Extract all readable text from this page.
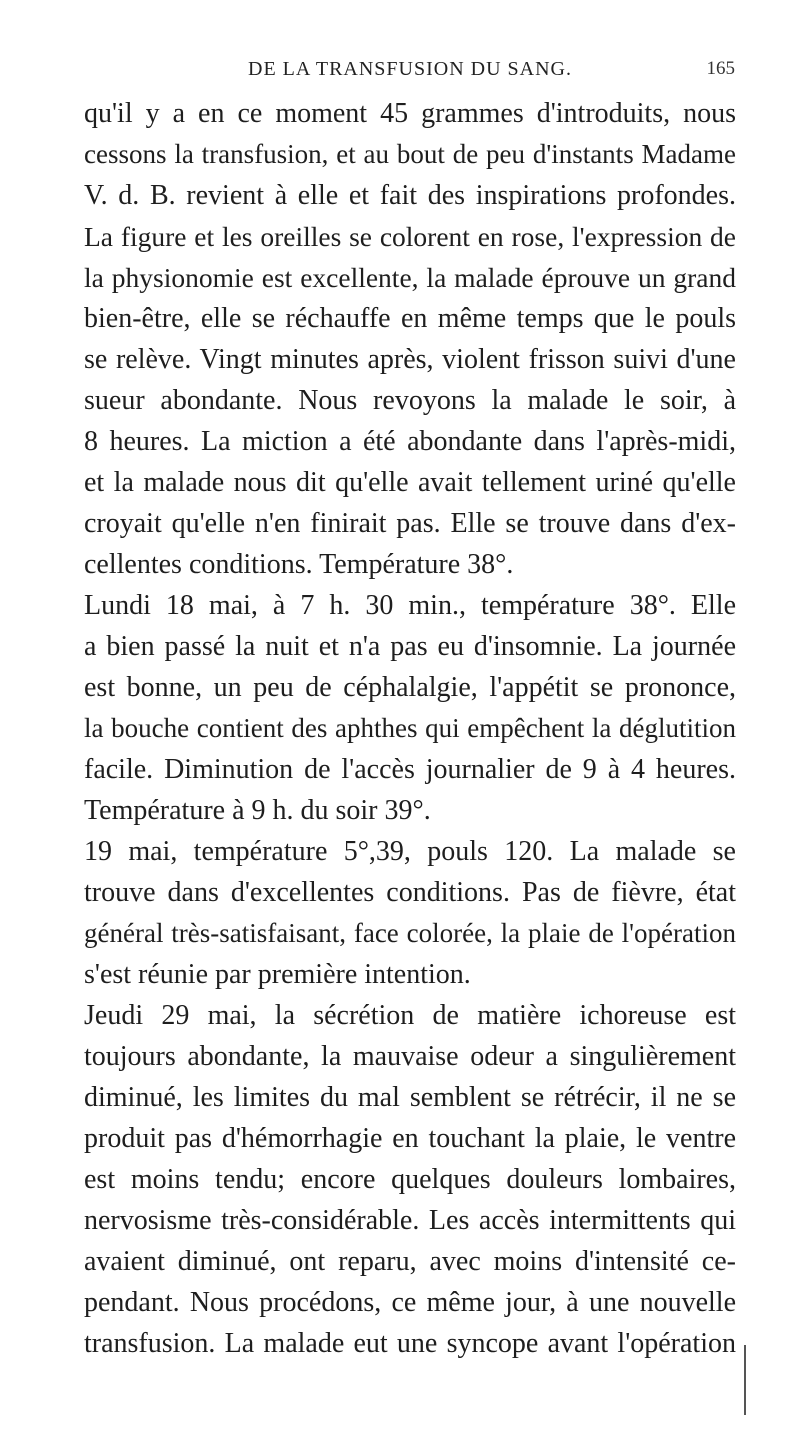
DE LA TRANSFUSION DU SANG.	165
qu'il y a en ce moment 45 grammes d'introduits, nous
cessons la transfusion, et au bout de peu d'instants Madame
V. d. B. revient à elle et fait des inspirations profondes.
La figure et les oreilles se colorent en rose, l'expression de
la physionomie est excellente, la malade éprouve un grand
bien-être, elle se réchauffe en même temps que le pouls
se relève. Vingt minutes après, violent frisson suivi d'une
sueur abondante. Nous revoyons la malade le soir, à
8 heures. La miction a été abondante dans l'après-midi,
et la malade nous dit qu'elle avait tellement uriné qu'elle
croyait qu'elle n'en finirait pas. Elle se trouve dans d'ex-
cellentes conditions. Température 38°.
Lundi 18 mai, à 7 h. 30 min., température 38°. Elle
a bien passé la nuit et n'a pas eu d'insomnie. La journée
est bonne, un peu de céphalalgie, l'appétit se prononce,
la bouche contient des aphthes qui empêchent la déglutition
facile. Diminution de l'accès journalier de 9 à 4 heures.
Température à 9 h. du soir 39°.
19 mai, température 5°,39, pouls 120. La malade se
trouve dans d'excellentes conditions. Pas de fièvre, état
général très-satisfaisant, face colorée, la plaie de l'opération
s'est réunie par première intention.
Jeudi 29 mai, la sécrétion de matière ichoreuse est
toujours abondante, la mauvaise odeur a singulièrement
diminué, les limites du mal semblent se rétrécir, il ne se
produit pas d'hémorrhagie en touchant la plaie, le ventre
est moins tendu; encore quelques douleurs lombaires,
nervosisme très-considérable. Les accès intermittents qui
avaient diminué, ont reparu, avec moins d'intensité ce-
pendant. Nous procédons, ce même jour, à une nouvelle
transfusion. La malade eut une syncope avant l'opération
